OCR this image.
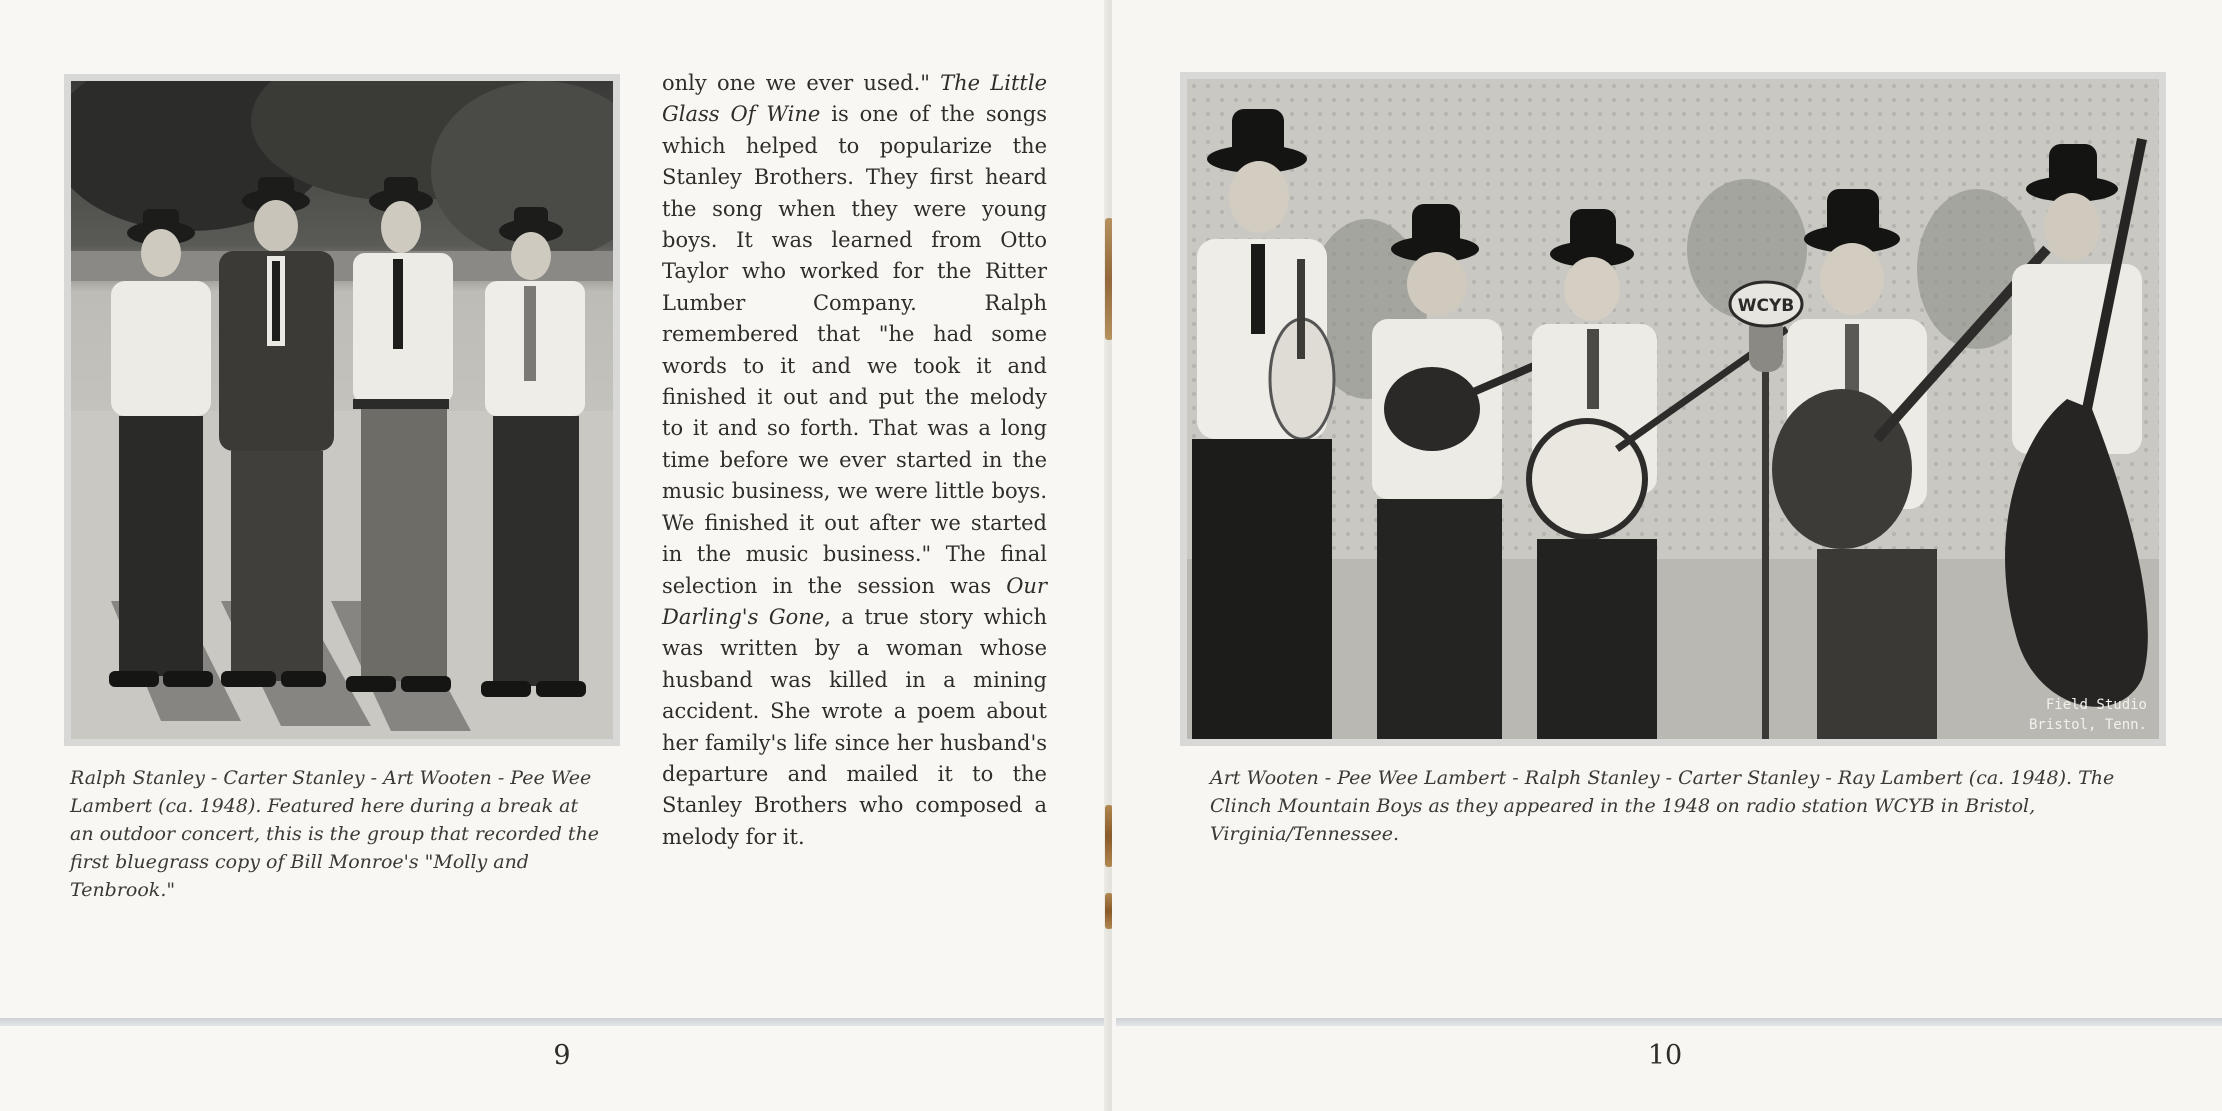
Ralph Stanley - Carter Stanley - Art Wooten - Pee Wee Lambert (ca. 1948). Featured here during a break at an outdoor concert, this is the group that recorded the first bluegrass copy of Bill Monroe's "Molly and Tenbrook."
only one we ever used." The Little Glass Of Wine is one of the songs which helped to popularize the Stanley Brothers. They first heard the song when they were young boys. It was learned from Otto Taylor who worked for the Ritter Lumber Company. Ralph remembered that "he had some words to it and we took it and finished it out and put the melody to it and so forth. That was a long time before we ever started in the music business, we were little boys. We finished it out after we started in the music business." The final selection in the session was Our Darling's Gone, a true story which was written by a woman whose husband was killed in a mining accident. She wrote a poem about her family's life since her husband's departure and mailed it to the Stanley Brothers who composed a melody for it.
9
WCYB
Field Studio
Bristol, Tenn.
Art Wooten - Pee Wee Lambert - Ralph Stanley - Carter Stanley - Ray Lambert (ca. 1948). The Clinch Mountain Boys as they appeared in the 1948 on radio station WCYB in Bristol, Virginia/Tennessee.
10
